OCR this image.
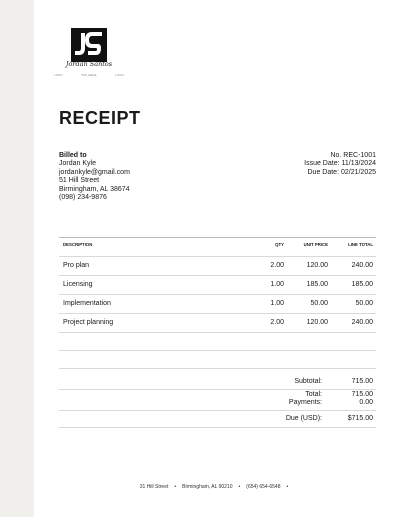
Jordan Santos
LOGO	TAG HERE	LOGO
RECEIPT
Billed to
Jordan Kyle
jordankyle@gmail.com
51 Hill Street
Birmingham, AL 38674
(098) 234-9876
No. REC-1001
Issue Date: 11/13/2024
Due Date: 02/21/2025
DESCRIPTION	QTY	UNIT PRICE	LINE TOTAL
Pro plan	2.00	120.00	240.00
Licensing	1.00	185.00	185.00
Implementation	1.00	50.00	50.00
Project planning	2.00	120.00	240.00
Subtotal:	715.00
Total:	715.00
Payments:	0.00
Due (USD):	$715.00
31 Hill Street • Birmingham, AL 90210 • (654) 654-6548 •
